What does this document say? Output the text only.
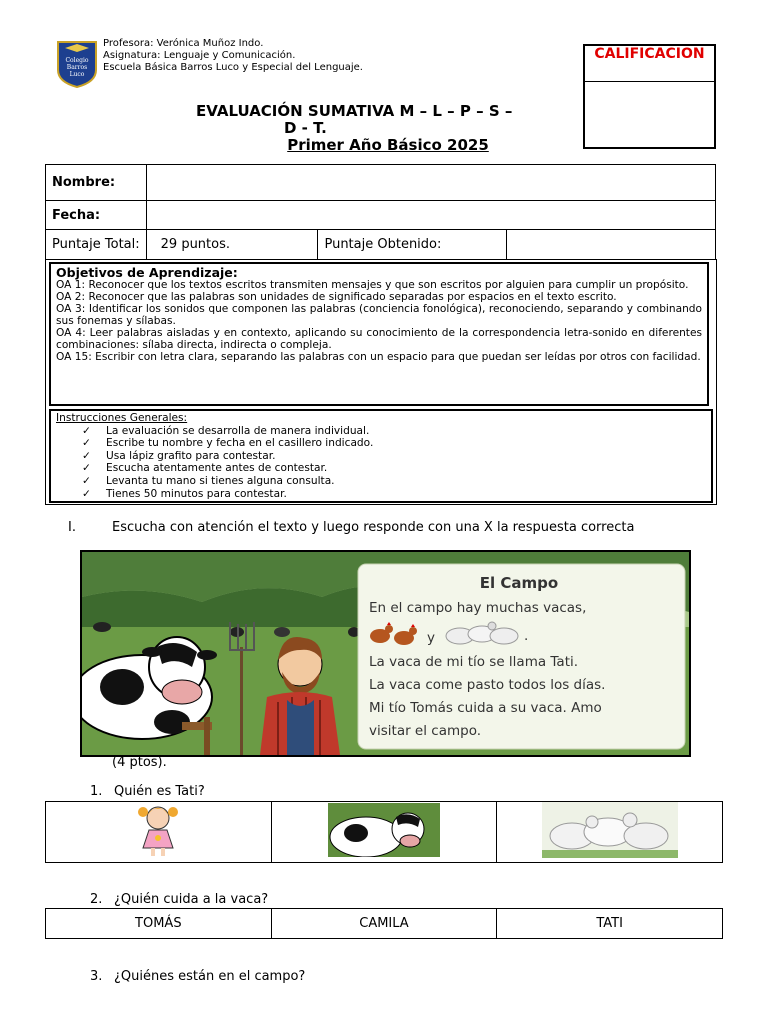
Colegio
Barros
Luco
Profesora: Verónica Muñoz Indo.
Asignatura: Lenguaje y Comunicación.
Escuela Básica Barros Luco y Especial del Lenguaje.
CALIFICACION
EVALUACIÓN SUMATIVA M – L – P – S –
D - T.
Primer Año Básico 2025
Nombre:			
Fecha:			
Puntaje Total:	29 puntos.	Puntaje Obtenido:	
Objetivos de Aprendizaje:

OA 1: Reconocer que los textos escritos transmiten mensajes y que son escritos por alguien para cumplir un propósito.

OA 2: Reconocer que las palabras son unidades de significado separadas por espacios en el texto escrito.

OA 3: Identificar los sonidos que componen las palabras (conciencia fonológica), reconociendo, separando y combinando sus fonemas y sílabas.

OA 4: Leer palabras aisladas y en contexto, aplicando su conocimiento de la correspondencia letra-sonido en diferentes combinaciones: sílaba directa, indirecta o compleja.

OA 15: Escribir con letra clara, separando las palabras con un espacio para que puedan ser leídas por otros con facilidad.

Instrucciones Generales:
✓ La evaluación se desarrolla de manera individual.
✓ Escribe tu nombre y fecha en el casillero indicado.
✓ Usa lápiz grafito para contestar.
✓ Escucha atentamente antes de contestar.
✓ Levanta tu mano si tienes alguna consulta.
✓ Tienes 50 minutos para contestar.
I.	Escucha con atención el texto y luego responde con una X la respuesta correcta
El Campo
En el campo hay muchas vacas,
y	.
La vaca de mi tío se llama Tati.
La vaca come pasto todos los días.
Mi tío Tomás cuida a su vaca. Amo
visitar el campo.
(4 ptos).
1. Quién es Tati?

2. ¿Quién cuida a la vaca?
TOMÁS	CAMILA	TATI
3. ¿Quiénes están en el campo?
